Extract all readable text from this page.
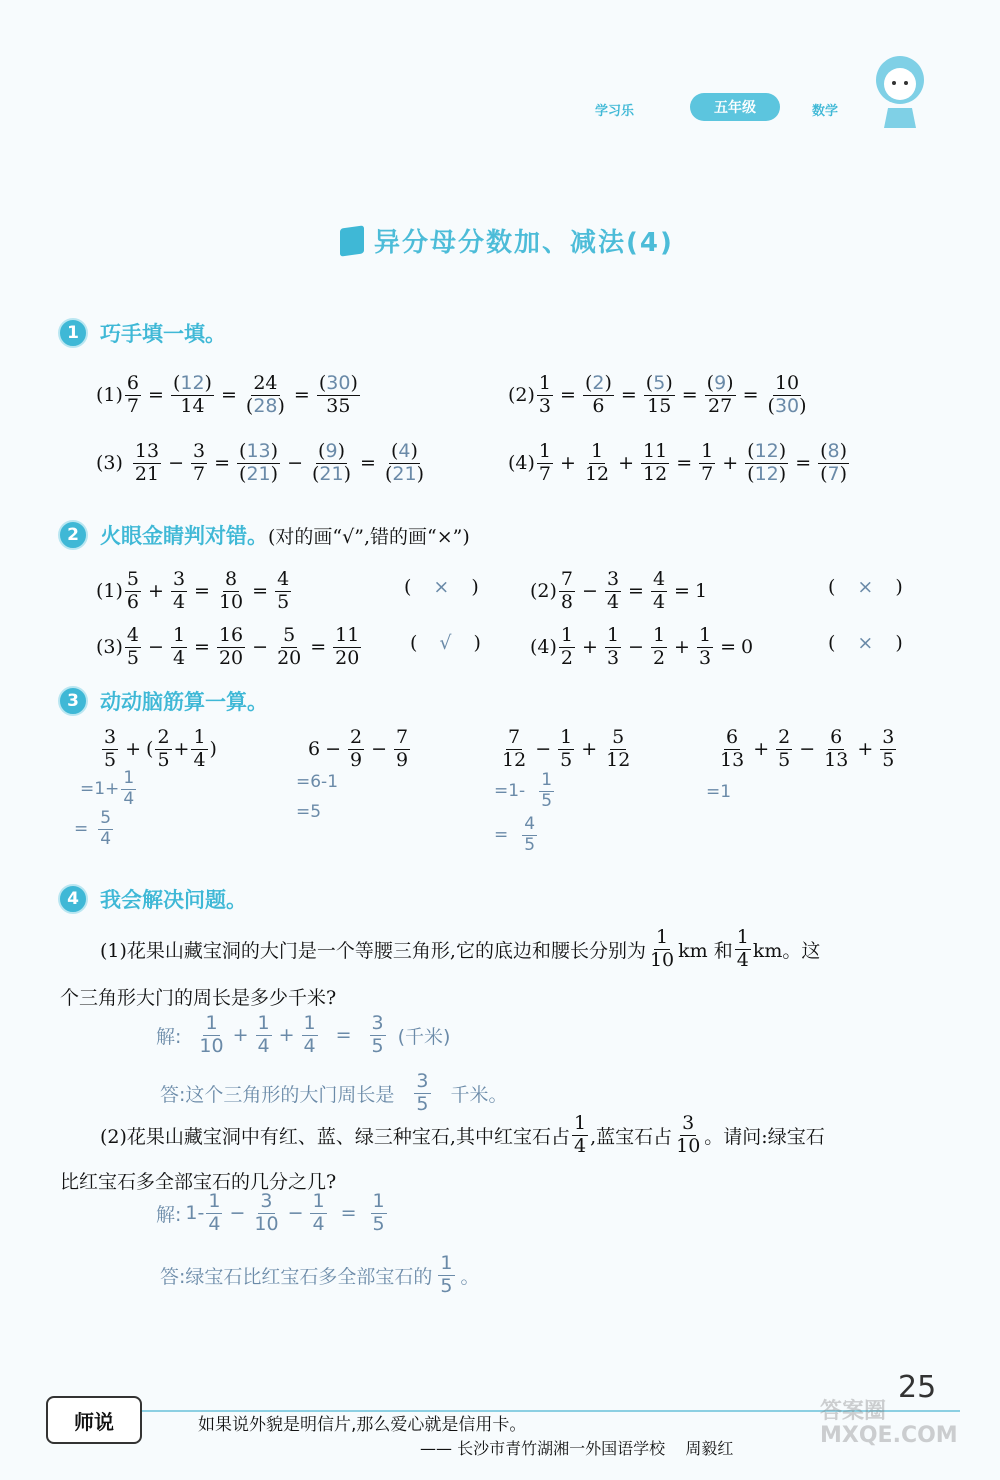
学习乐	五年级	数学
异分母分数加、减法(4)
1	巧手填一填。
$(1) \frac{6}{7} = \frac{(12)}{14} = \frac{24}{(28)} = \frac{(30)}{35}$	$(2) \frac{1}{3} = \frac{(2)}{6} = \frac{(5)}{15} = \frac{(9)}{27} = \frac{10}{(30)}$
$(3) \frac{13}{21} - \frac{3}{7} = \frac{(13)}{(21)} - \frac{(9)}{(21)} = \frac{(4)}{(21)}$	$(4) \frac{1}{7} + \frac{1}{12} + \frac{11}{12} = \frac{1}{7} + \frac{(12)}{(12)} = \frac{(8)}{(7)}$
2	火眼金睛判对错。 (对的画“√”,错的画“×”)
$(1) \frac{5}{6} + \frac{3}{4} = \frac{8}{10} = \frac{4}{5}$	( × )	$(2) \frac{7}{8} - \frac{3}{4} = \frac{4}{4} = 1$	( × )
$(3) \frac{4}{5} - \frac{1}{4} = \frac{16}{20} - \frac{5}{20} = \frac{11}{20}$	( √ )	$(4) \frac{1}{2} + \frac{1}{3} - \frac{1}{2} + \frac{1}{3} = 0$	( × )
3	动动脑筋算一算。
$\frac{3}{5}$ + ( $\frac{2}{5} + \frac{1}{4}$ )
$=1+ \frac{1}{4}$
= $\frac{5}{4}$
$6 - \frac{2}{9} - \frac{7}{9}$
=6-1
=5
$\frac{7}{12} - \frac{1}{5} + \frac{5}{12}$
$=1- \frac{1}{5}$
= $\frac{4}{5}$
$\frac{6}{13} + \frac{2}{5} - \frac{6}{13} + \frac{3}{5}$
=1
4	我会解决问题。
(1)花果山藏宝洞的大门是一个等腰三角形,它的底边和腰长分别为 $\frac{1}{10}$ km 和 $\frac{1}{4}$ km。这
个三角形大门的周长是多少千米?
解: $\frac{1}{10} + \frac{1}{4} + \frac{1}{4} = \frac{3}{5}$ (千米)
答:这个三角形的大门周长是 $\frac{3}{5}$ 千米。
(2)花果山藏宝洞中有红、蓝、绿三种宝石,其中红宝石占 $\frac{1}{4}$ ,蓝宝石占 $\frac{3}{10}$ 。请问:绿宝石
比红宝石多全部宝石的几分之几?
解: $1- \frac{1}{4} - \frac{3}{10} - \frac{1}{4} = \frac{1}{5}$
答:绿宝石比红宝石多全部宝石的 $\frac{1}{5}$ 。
师说	如果说外貌是明信片,那么爱心就是信用卡。
—— 长沙市青竹湖湘一外国语学校    周毅红
25
答案圈 MXQE.COM
